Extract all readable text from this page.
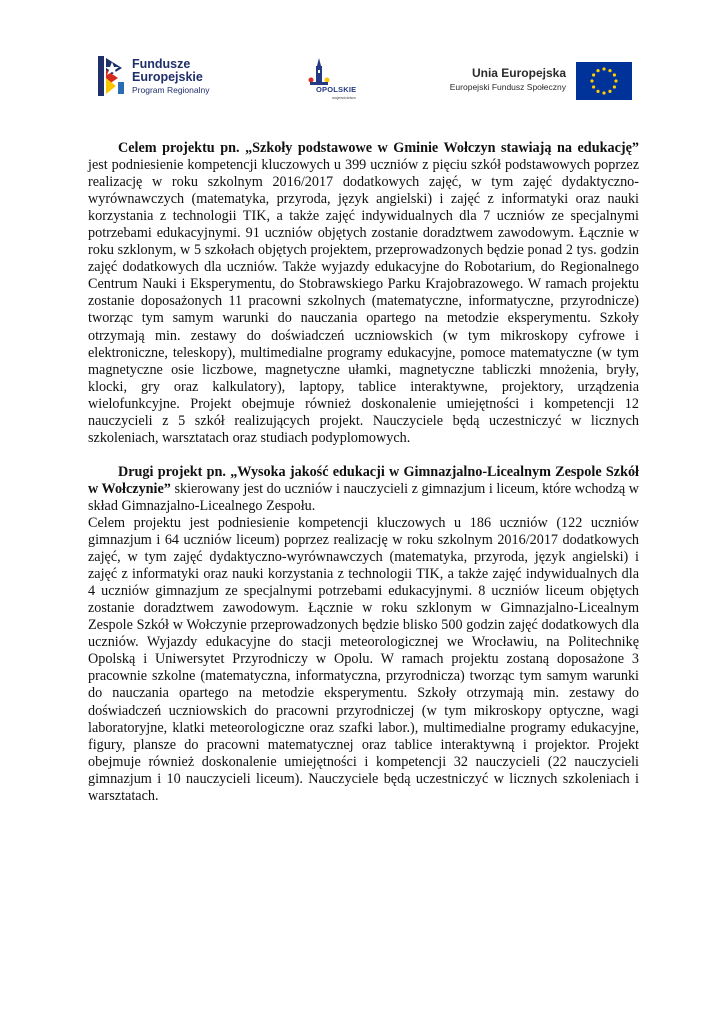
Fundusze
Europejskie
Program Regionalny	OPOLSKIE
województwo
Unia Europejska
Europejski Fundusz Społeczny

Celem projektu pn. „Szkoły podstawowe w Gminie Wołczyn stawiają na edukację” jest podniesienie kompetencji kluczowych u 399 uczniów z pięciu szkół podstawowych poprzez realizację w roku szkolnym 2016/2017 dodatkowych zajęć, w tym zajęć dydaktyczno-wyrównawczych (matematyka, przyroda, język angielski) i zajęć z informatyki oraz nauki korzystania z technologii TIK, a także zajęć indywidualnych dla 7 uczniów ze specjalnymi potrzebami edukacyjnymi. 91 uczniów objętych zostanie doradztwem zawodowym. Łącznie w roku szklonym, w 5 szkołach objętych projektem, przeprowadzonych będzie ponad 2 tys. godzin zajęć dodatkowych dla uczniów. Także wyjazdy edukacyjne do Robotarium, do Regionalnego Centrum Nauki i Eksperymentu, do Stobrawskiego Parku Krajobrazowego. W ramach projektu zostanie doposażonych 11 pracowni szkolnych (matematyczne, informatyczne, przyrodnicze) tworząc tym samym warunki do nauczania opartego na metodzie eksperymentu. Szkoły otrzymają min. zestawy do doświadczeń uczniowskich (w tym mikroskopy cyfrowe i elektroniczne, teleskopy), multimedialne programy edukacyjne, pomoce matematyczne (w tym magnetyczne osie liczbowe, magnetyczne ułamki, magnetyczne tabliczki mnożenia, bryły, klocki, gry oraz kalkulatory), laptopy, tablice interaktywne, projektory, urządzenia wielofunkcyjne. Projekt obejmuje również doskonalenie umiejętności i kompetencji 12 nauczycieli z 5 szkół realizujących projekt. Nauczyciele będą uczestniczyć w licznych szkoleniach, warsztatach oraz studiach podyplomowych.

Drugi projekt pn. „Wysoka jakość edukacji w Gimnazjalno-Licealnym Zespole Szkół w Wołczynie” skierowany jest do uczniów i nauczycieli z gimnazjum i liceum, które wchodzą w skład Gimnazjalno-Licealnego Zespołu.

Celem projektu jest podniesienie kompetencji kluczowych u 186 uczniów (122 uczniów gimnazjum i 64 uczniów liceum) poprzez realizację w roku szkolnym 2016/2017 dodatkowych zajęć, w tym zajęć dydaktyczno-wyrównawczych (matematyka, przyroda, język angielski) i zajęć z informatyki oraz nauki korzystania z technologii TIK, a także zajęć indywidualnych dla 4 uczniów gimnazjum ze specjalnymi potrzebami edukacyjnymi. 8 uczniów liceum objętych zostanie doradztwem zawodowym. Łącznie w roku szklonym w Gimnazjalno-Licealnym Zespole Szkół w Wołczynie przeprowadzonych będzie blisko 500 godzin zajęć dodatkowych dla uczniów. Wyjazdy edukacyjne do stacji meteorologicznej we Wrocławiu, na Politechnikę Opolską i Uniwersytet Przyrodniczy w Opolu. W ramach projektu zostaną doposażone 3 pracownie szkolne (matematyczna, informatyczna, przyrodnicza) tworząc tym samym warunki do nauczania opartego na metodzie eksperymentu. Szkoły otrzymają min. zestawy do doświadczeń uczniowskich do pracowni przyrodniczej (w tym mikroskopy optyczne, wagi laboratoryjne, klatki meteorologiczne oraz szafki labor.), multimedialne programy edukacyjne, figury, plansze do pracowni matematycznej oraz tablice interaktywną i projektor. Projekt obejmuje również doskonalenie umiejętności i kompetencji 32 nauczycieli (22 nauczycieli gimnazjum i 10 nauczycieli liceum). Nauczyciele będą uczestniczyć w licznych szkoleniach i warsztatach.
